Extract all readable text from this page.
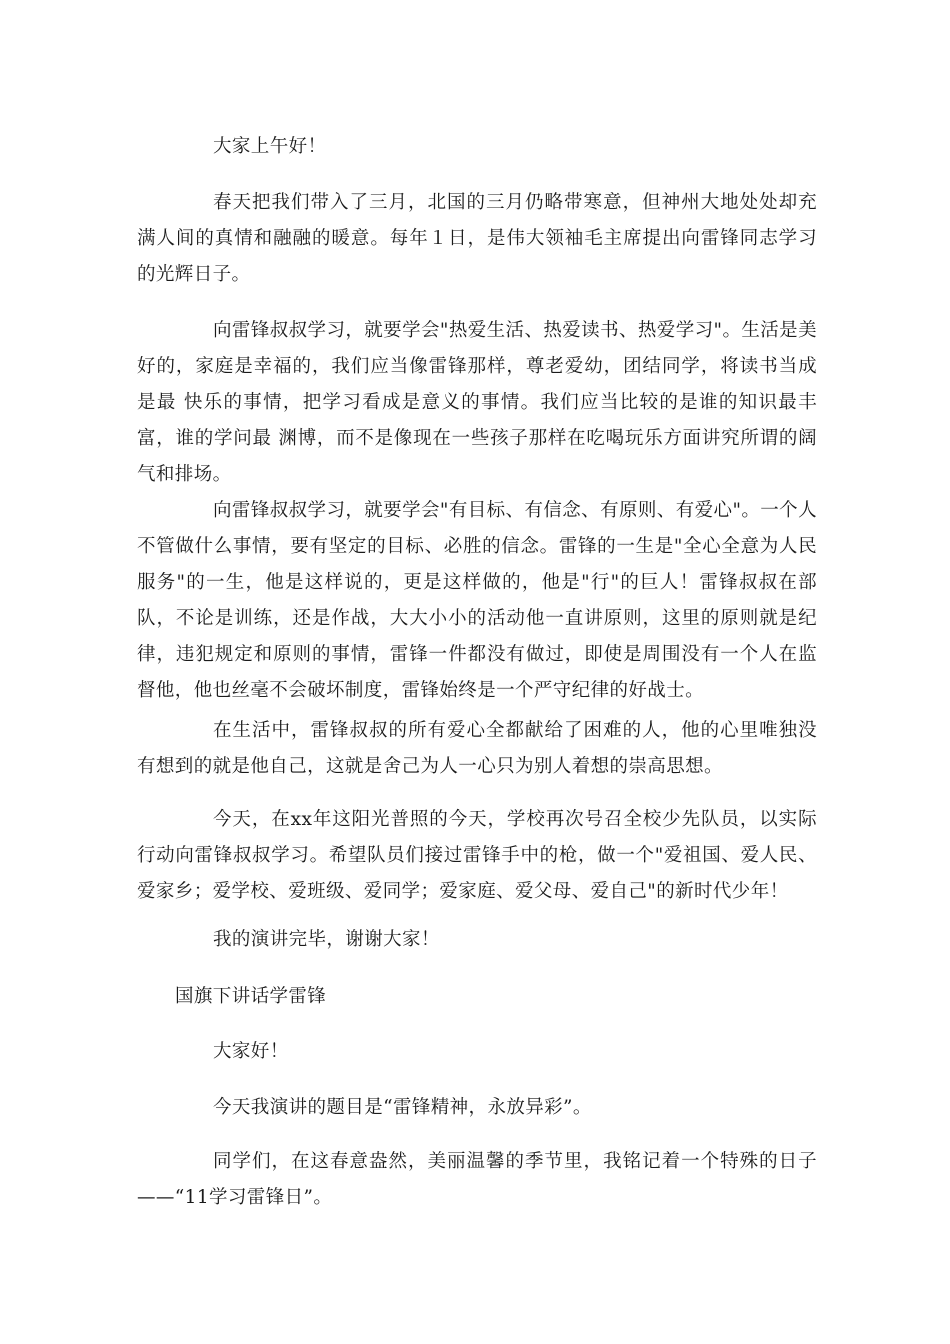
大家上午好！

春天把我们带入了三月，北国的三月仍略带寒意，但神州大地处处却充满人间的真情和融融的暖意。每年１日，是伟大领袖毛主席提出向雷锋同志学习的光辉日子。

向雷锋叔叔学习，就要学会"热爱生活、热爱读书、热爱学习"。生活是美好的，家庭是幸福的，我们应当像雷锋那样，尊老爱幼，团结同学，将读书当成是最 快乐的事情，把学习看成是意义的事情。我们应当比较的是谁的知识最丰富，谁的学问最 渊博，而不是像现在一些孩子那样在吃喝玩乐方面讲究所谓的阔气和排场。

向雷锋叔叔学习，就要学会"有目标、有信念、有原则、有爱心"。一个人不管做什么事情，要有坚定的目标、必胜的信念。雷锋的一生是"全心全意为人民服务"的一生，他是这样说的，更是这样做的，他是"行"的巨人！雷锋叔叔在部队，不论是训练，还是作战，大大小小的活动他一直讲原则，这里的原则就是纪律，违犯规定和原则的事情，雷锋一件都没有做过，即使是周围没有一个人在监督他，他也丝毫不会破坏制度，雷锋始终是一个严守纪律的好战士。

在生活中，雷锋叔叔的所有爱心全都献给了困难的人，他的心里唯独没有想到的就是他自己，这就是舍己为人一心只为别人着想的崇高思想。

今天，在xx年这阳光普照的今天，学校再次号召全校少先队员，以实际行动向雷锋叔叔学习。希望队员们接过雷锋手中的枪，做一个"爱祖国、爱人民、爱家乡；爱学校、爱班级、爱同学；爱家庭、爱父母、爱自己"的新时代少年！

我的演讲完毕，谢谢大家！

国旗下讲话学雷锋

大家好！

今天我演讲的题目是“雷锋精神，永放异彩”。

同学们，在这春意盎然，美丽温馨的季节里，我铭记着一个特殊的日子——“11学习雷锋日”。
